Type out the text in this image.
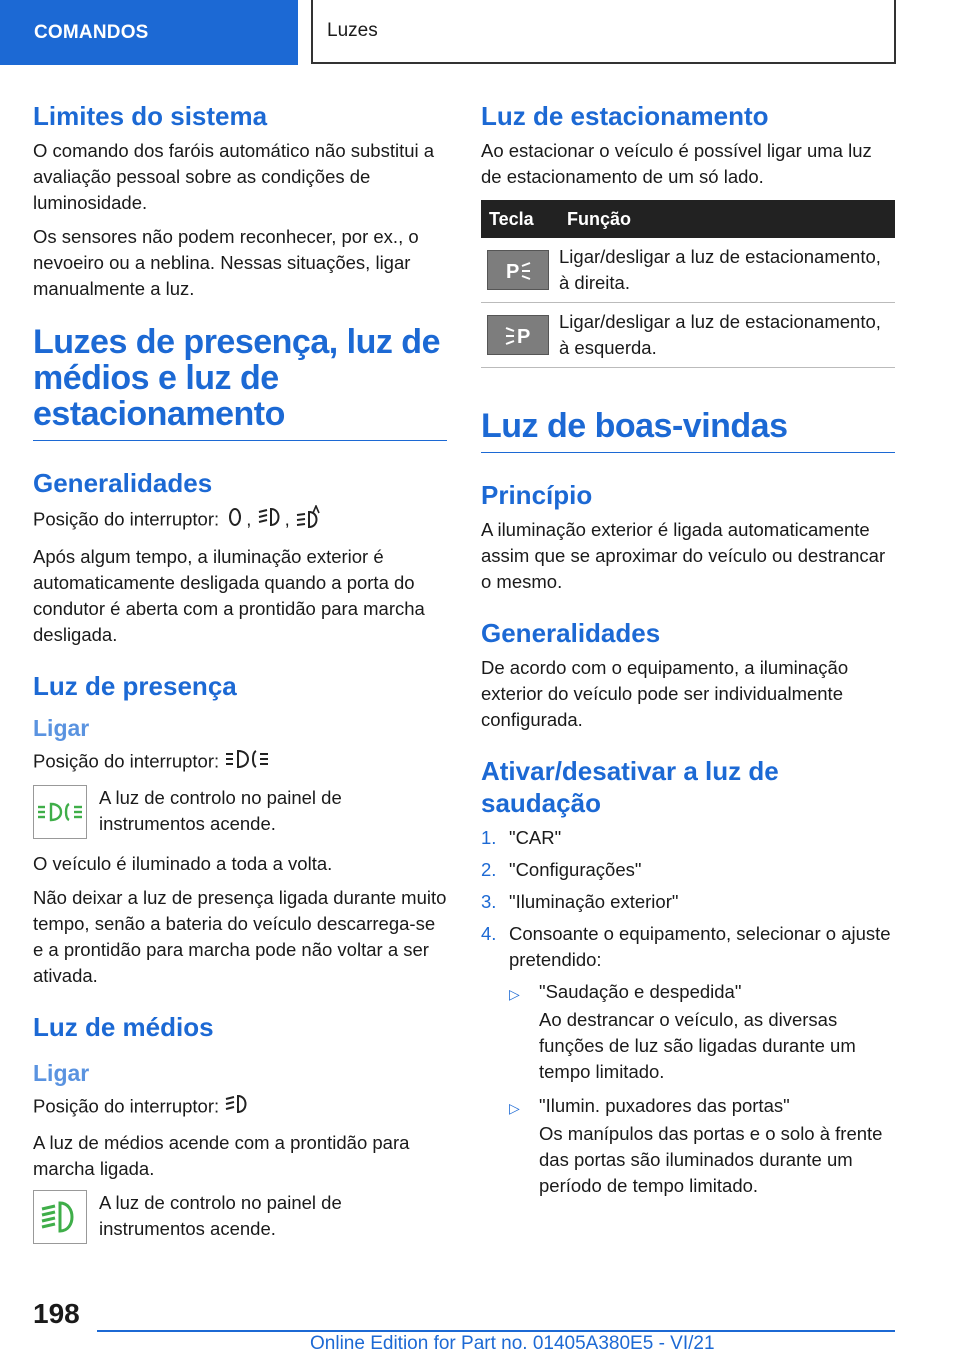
COMANDOS	Luzes
Limites do sistema

O comando dos faróis automático não substitui a avaliação pessoal sobre as condições de luminosidade.

Os sensores não podem reconhecer, por ex., o nevoeiro ou a neblina. Nessas situações, ligar manualmente a luz.

Luzes de presença, luz de médios e luz de estacionamento
Generalidades

Posição do interruptor: , ,

Após algum tempo, a iluminação exterior é automaticamente desligada quando a porta do condutor é aberta com a prontidão para marcha desligada.

Luz de presença
Ligar

Posição do interruptor:

A luz de controlo no painel de instrumentos acende.

O veículo é iluminado a toda a volta.

Não deixar a luz de presença ligada durante muito tempo, senão a bateria do veículo descarrega-se e a prontidão para marcha pode não voltar a ser ativada.

Luz de médios
Ligar

Posição do interruptor:

A luz de médios acende com a prontidão para marcha ligada.

A luz de controlo no painel de instrumentos acende.

Luz de estacionamento

Ao estacionar o veículo é possível ligar uma luz de estacionamento de um só lado.

Tecla	Função

P	Ligar/desligar a luz de estacionamento, à direita.

P	Ligar/desligar a luz de estacionamento, à esquerda.
Luz de boas-vindas
Princípio

A iluminação exterior é ligada automaticamente assim que se aproximar do veículo ou destrancar o mesmo.

Generalidades

De acordo com o equipamento, a iluminação exterior do veículo pode ser individualmente configurada.

Ativar/desativar a luz de saudação
1. "CAR"
2. "Configurações"
3. "Iluminação exterior"
4. Consoante o equipamento, selecionar o ajuste pretendido:
▷	"Saudação e despedida"

Ao destrancar o veículo, as diversas funções de luz são ligadas durante um tempo limitado.

▷	"Ilumin. puxadores das portas"

Os manípulos das portas e o solo à frente das portas são iluminados durante um período de tempo limitado.

198
Online Edition for Part no. 01405A380E5 - VI/21
